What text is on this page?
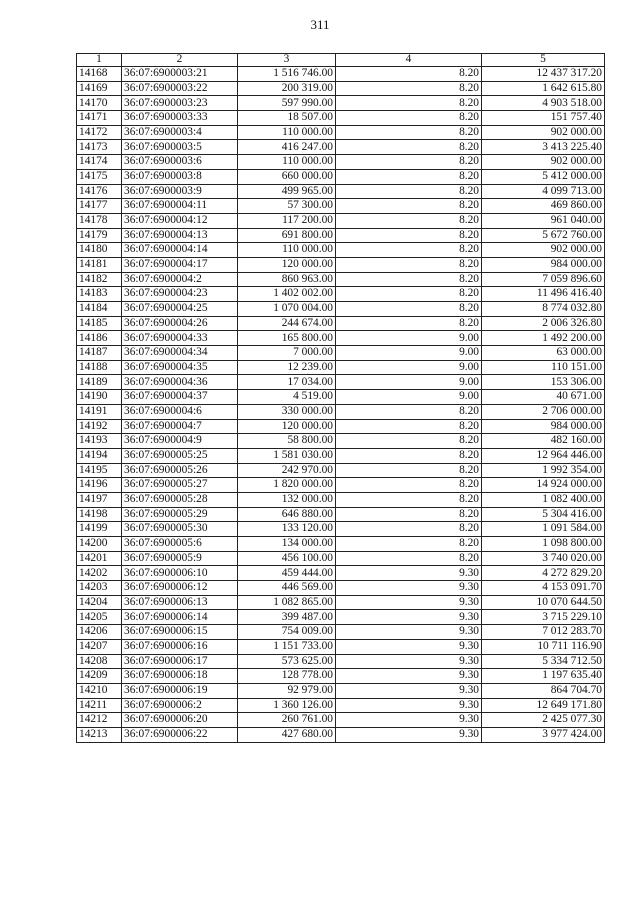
311
1	2	3	4	5
14168	36:07:6900003:21	1 516 746.00	8.20	12 437 317.20
14169	36:07:6900003:22	200 319.00	8.20	1 642 615.80
14170	36:07:6900003:23	597 990.00	8.20	4 903 518.00
14171	36:07:6900003:33	18 507.00	8.20	151 757.40
14172	36:07:6900003:4	110 000.00	8.20	902 000.00
14173	36:07:6900003:5	416 247.00	8.20	3 413 225.40
14174	36:07:6900003:6	110 000.00	8.20	902 000.00
14175	36:07:6900003:8	660 000.00	8.20	5 412 000.00
14176	36:07:6900003:9	499 965.00	8.20	4 099 713.00
14177	36:07:6900004:11	57 300.00	8.20	469 860.00
14178	36:07:6900004:12	117 200.00	8.20	961 040.00
14179	36:07:6900004:13	691 800.00	8.20	5 672 760.00
14180	36:07:6900004:14	110 000.00	8.20	902 000.00
14181	36:07:6900004:17	120 000.00	8.20	984 000.00
14182	36:07:6900004:2	860 963.00	8.20	7 059 896.60
14183	36:07:6900004:23	1 402 002.00	8.20	11 496 416.40
14184	36:07:6900004:25	1 070 004.00	8.20	8 774 032.80
14185	36:07:6900004:26	244 674.00	8.20	2 006 326.80
14186	36:07:6900004:33	165 800.00	9.00	1 492 200.00
14187	36:07:6900004:34	7 000.00	9.00	63 000.00
14188	36:07:6900004:35	12 239.00	9.00	110 151.00
14189	36:07:6900004:36	17 034.00	9.00	153 306.00
14190	36:07:6900004:37	4 519.00	9.00	40 671.00
14191	36:07:6900004:6	330 000.00	8.20	2 706 000.00
14192	36:07:6900004:7	120 000.00	8.20	984 000.00
14193	36:07:6900004:9	58 800.00	8.20	482 160.00
14194	36:07:6900005:25	1 581 030.00	8.20	12 964 446.00
14195	36:07:6900005:26	242 970.00	8.20	1 992 354.00
14196	36:07:6900005:27	1 820 000.00	8.20	14 924 000.00
14197	36:07:6900005:28	132 000.00	8.20	1 082 400.00
14198	36:07:6900005:29	646 880.00	8.20	5 304 416.00
14199	36:07:6900005:30	133 120.00	8.20	1 091 584.00
14200	36:07:6900005:6	134 000.00	8.20	1 098 800.00
14201	36:07:6900005:9	456 100.00	8.20	3 740 020.00
14202	36:07:6900006:10	459 444.00	9.30	4 272 829.20
14203	36:07:6900006:12	446 569.00	9.30	4 153 091.70
14204	36:07:6900006:13	1 082 865.00	9.30	10 070 644.50
14205	36:07:6900006:14	399 487.00	9.30	3 715 229.10
14206	36:07:6900006:15	754 009.00	9.30	7 012 283.70
14207	36:07:6900006:16	1 151 733.00	9.30	10 711 116.90
14208	36:07:6900006:17	573 625.00	9.30	5 334 712.50
14209	36:07:6900006:18	128 778.00	9.30	1 197 635.40
14210	36:07:6900006:19	92 979.00	9.30	864 704.70
14211	36:07:6900006:2	1 360 126.00	9.30	12 649 171.80
14212	36:07:6900006:20	260 761.00	9.30	2 425 077.30
14213	36:07:6900006:22	427 680.00	9.30	3 977 424.00
